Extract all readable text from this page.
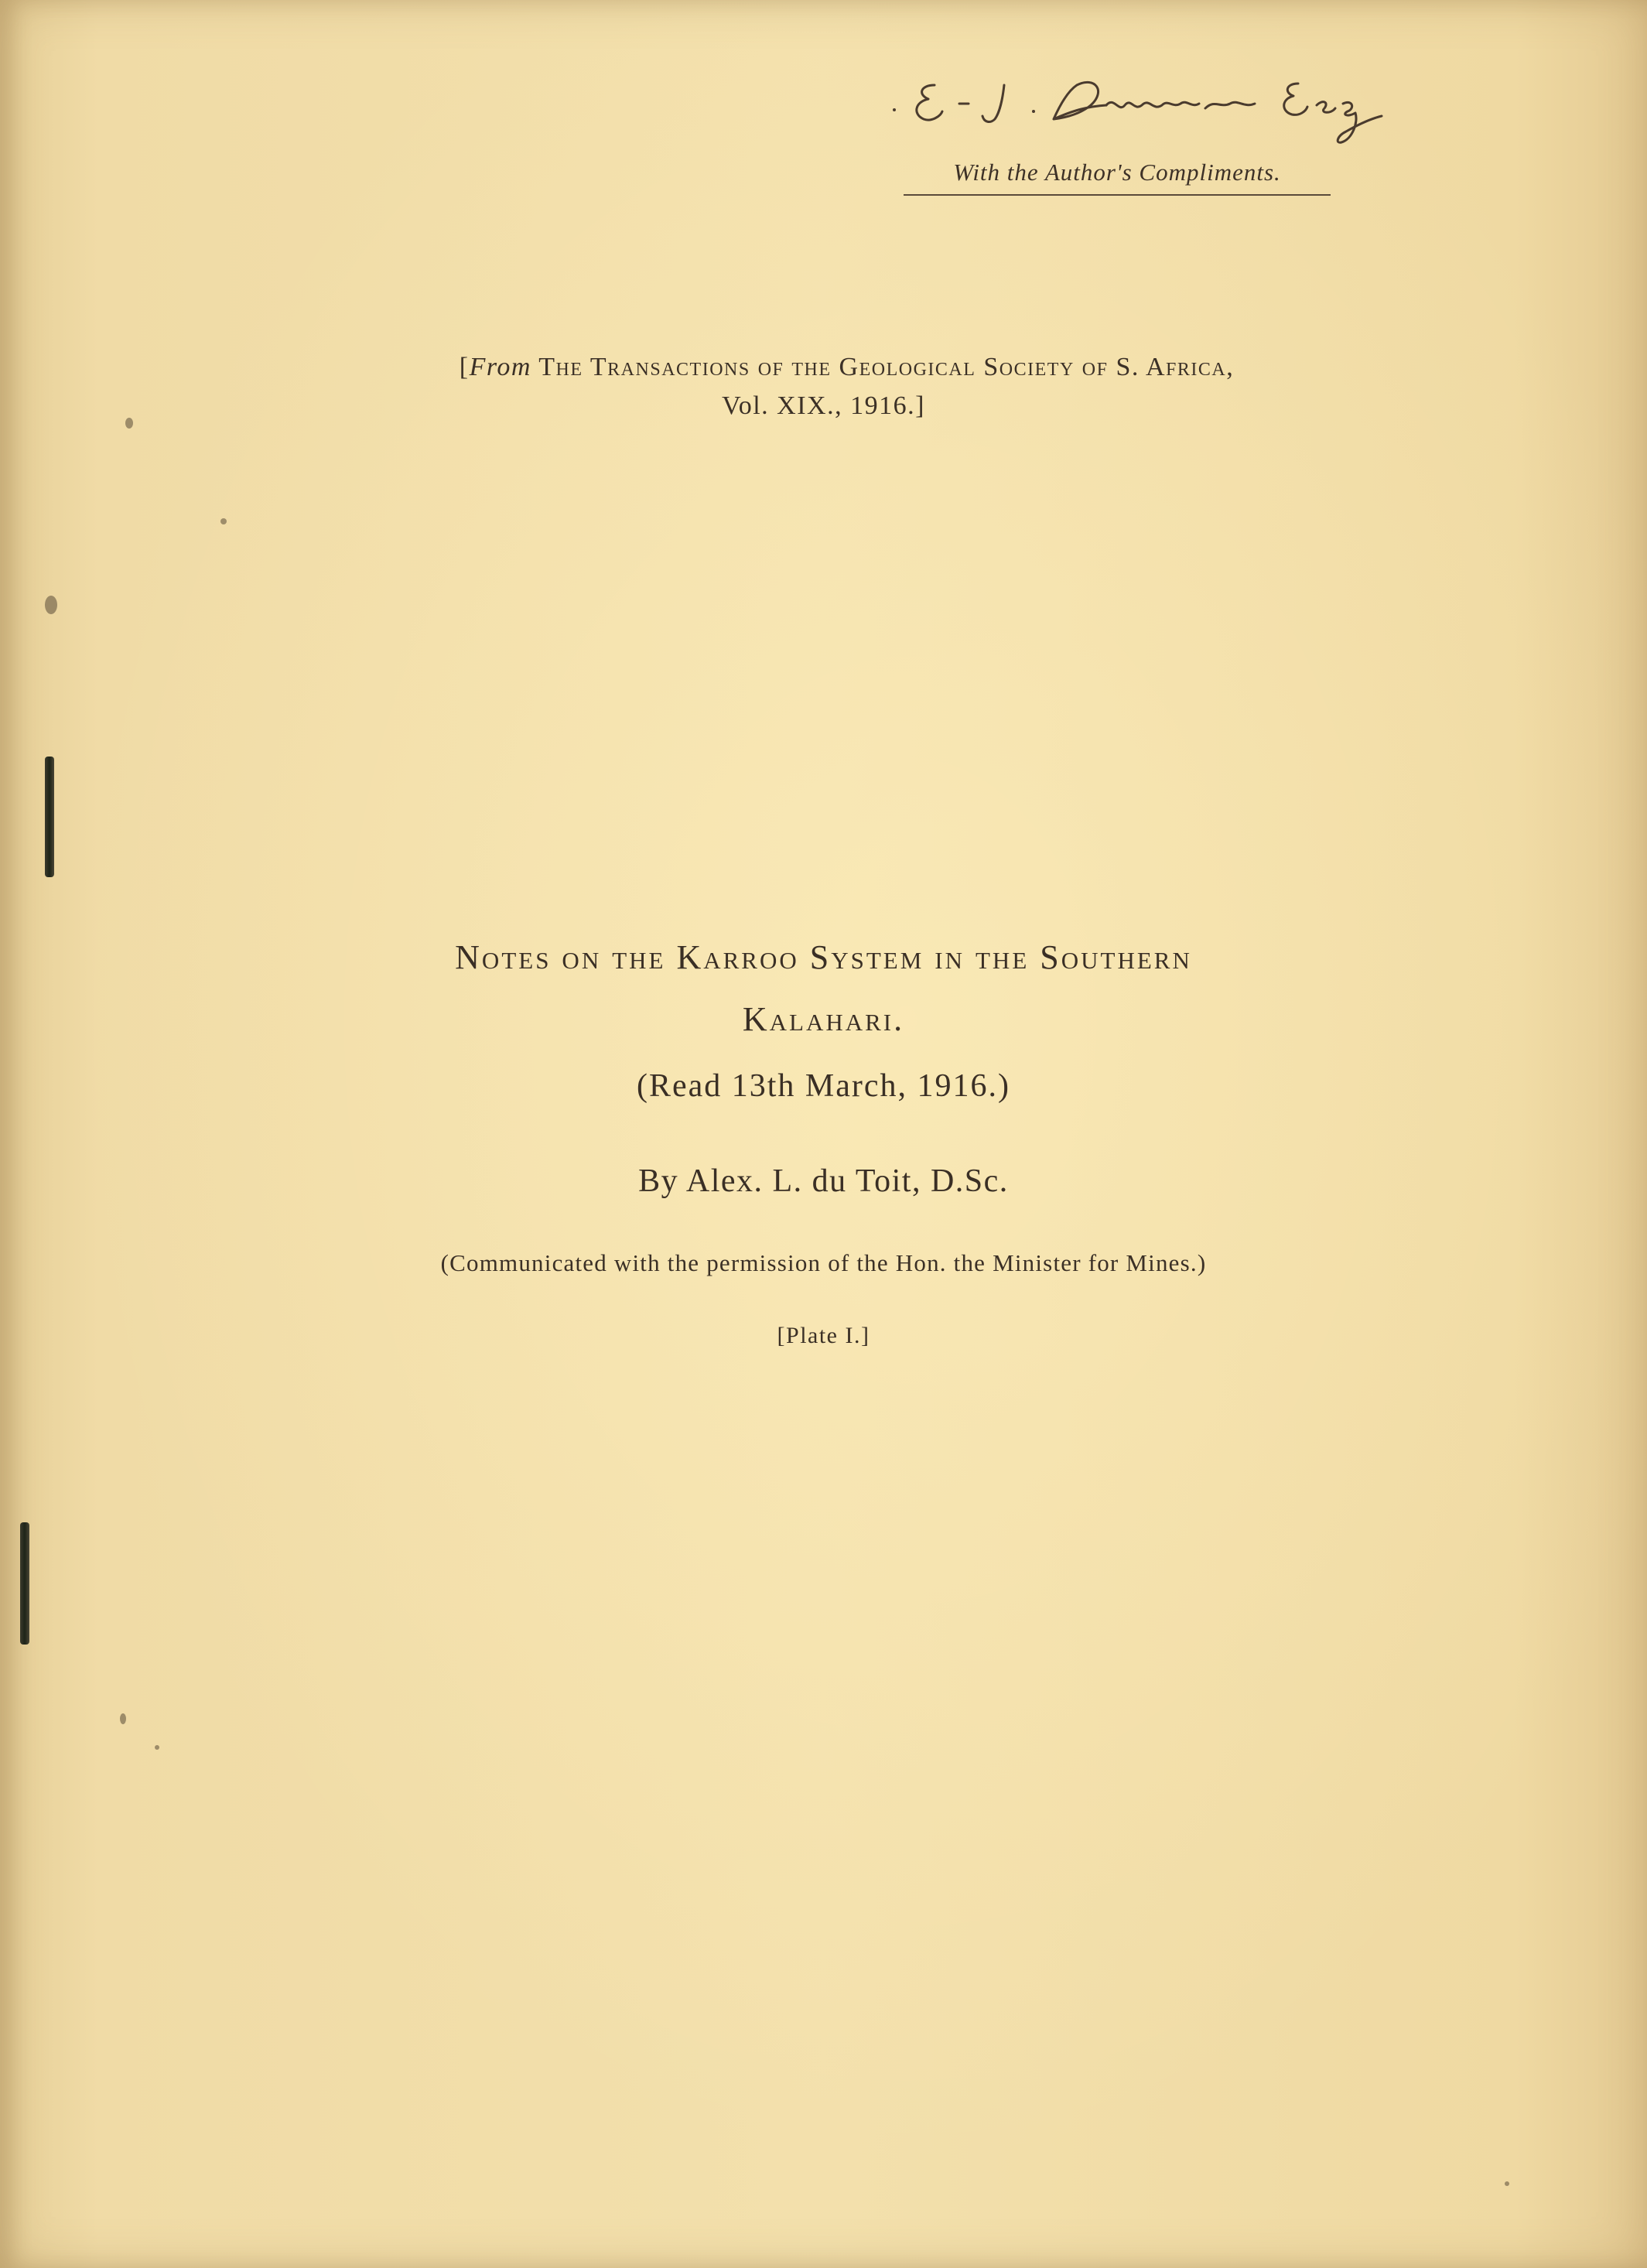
With the Author's Compliments.
[From The Transactions of the Geological Society of S. Africa,
Vol. XIX., 1916.]
Notes on the Karroo System in the Southern
Kalahari.
(Read 13th March, 1916.)
By Alex. L. du Toit, D.Sc.
(Communicated with the permission of the Hon. the Minister for Mines.)
[Plate I.]
